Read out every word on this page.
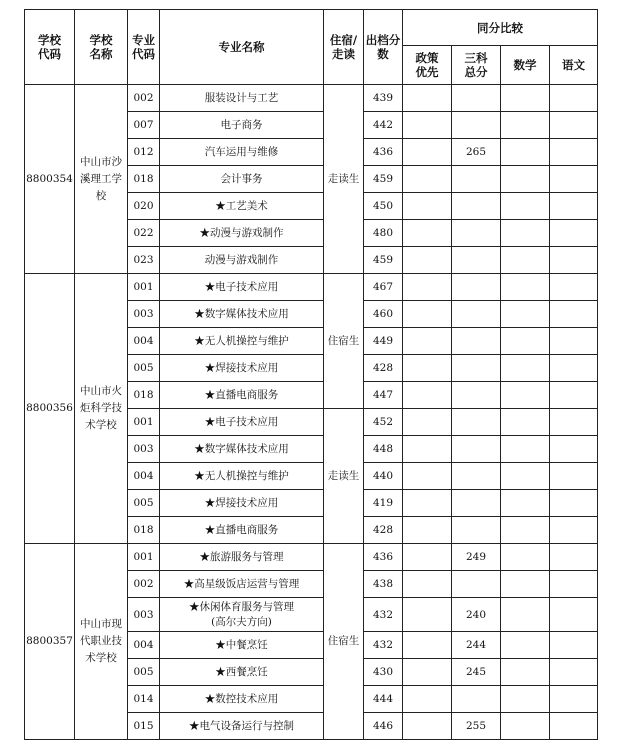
学校代码	学校名称	专业代码	专业名称	住宿/走读	出档分数	同分比较			
						政策优先	三科总分	数学	语文
8800354	中山市沙溪理工学校	002	服装设计与工艺	走读生	439				
		007	电子商务		442				
		012	汽车运用与维修		436		265		
		018	会计事务		459				
		020	★工艺美术		450				
		022	★动漫与游戏制作		480				
		023	动漫与游戏制作		459				
8800356	中山市火炬科学技术学校	001	★电子技术应用	住宿生	467				
		003	★数字媒体技术应用		460				
		004	★无人机操控与维护		449				
		005	★焊接技术应用		428				
		018	★直播电商服务		447				
		001	★电子技术应用	走读生	452				
		003	★数字媒体技术应用		448				
		004	★无人机操控与维护		440				
		005	★焊接技术应用		419				
		018	★直播电商服务		428				
8800357	中山市现代职业技术学校	001	★旅游服务与管理	住宿生	436		249		
		002	★高星级饭店运营与管理		438				
		003	★休闲体育服务与管理
(高尔夫方向)		432		240		
		004	★中餐烹饪		432		244		
		005	★西餐烹饪		430		245		
		014	★数控技术应用		444				
		015	★电气设备运行与控制		446		255		
